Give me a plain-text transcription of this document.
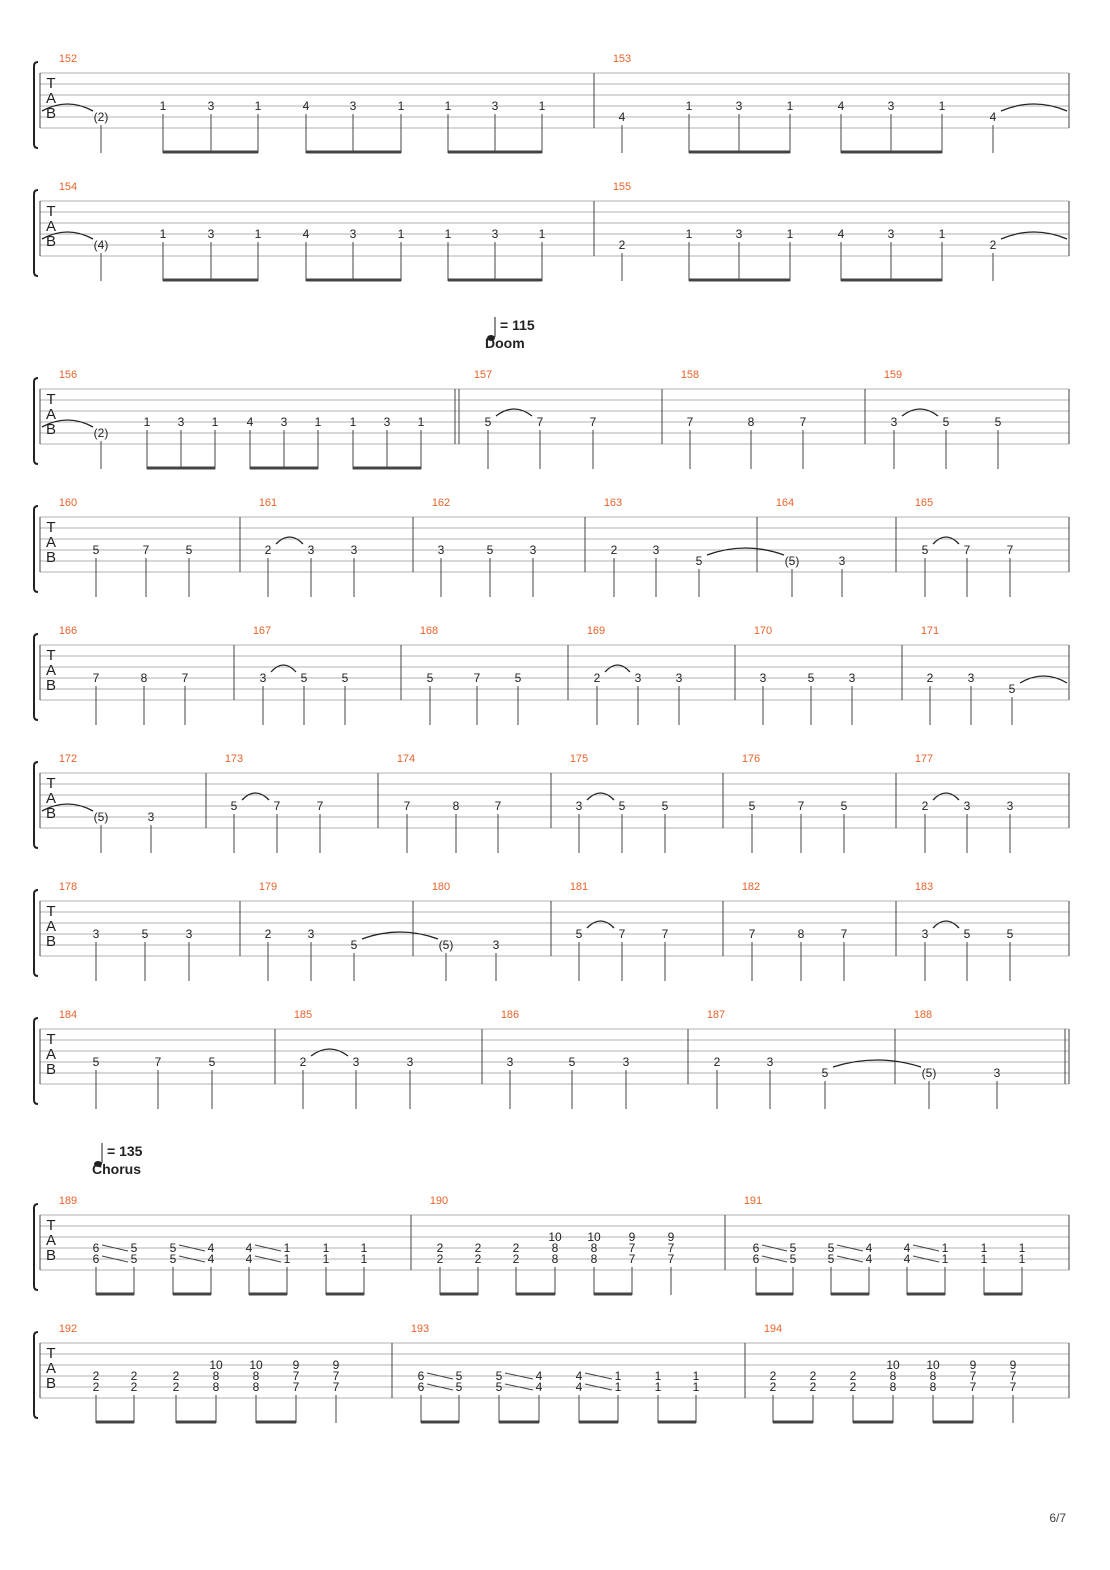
T
A
B
152
(2)
1	3	1	4	3	1	1	3	1
153
4
1	3	1	4	3	1
4
T
A
B
154
(4)
1	3	1	4	3	1	1	3	1
155
2
1	3	1	4	3	1
2
T
A
B
156
(2)
1 3 1 4 3 1 1 3 1
157
5	7	7
158
7	8	7
159
3	5	5
T
A
B
160
5	7	5
161
2	3	3
162
3	5	3
163
2	3
5
164
(5)	3
165
5	7	7
T
A
B
166
7	8	7
167
3	5	5
168
5	7	5
169
2	3	3
170
3	5	3
171
2	3
5
T
A
B
172
(5)	3
173
5	7	7
174
7	8	7
175
3	5	5
176
5	7	5
177
2	3	3
T
A
B
178
3	5	3
179
2	3
5
180
(5)	3
181
5	7	7
182
7	8	7
183
3	5	5
T
A
B
184
5	7	5
185
2	3	3
186
3	5	3
187
2	3
5
188
(5)	3
T
A
B
189
6
6
5
5
5
5
4
4
4
4
1
1
1
1
1
1
190
2
2
2
2
2
2
10
8
8
10
8
8
9
7
7
9
7
7
191
6
6
5
5
5
5
4
4
4
4
1
1
1
1
1
1
T
A
B
192
2
2
2
2
2
2
10
8
8
10
8
8
9
7
7
9
7
7
193
6
6
5
5
5
5
4
4
4
4
1
1
1
1
1
1
194
2
2
2
2
2
2
10
8
8
10
8
8
9
7
7
9
7
7
= 115
Doom
= 135
Chorus
6/7
